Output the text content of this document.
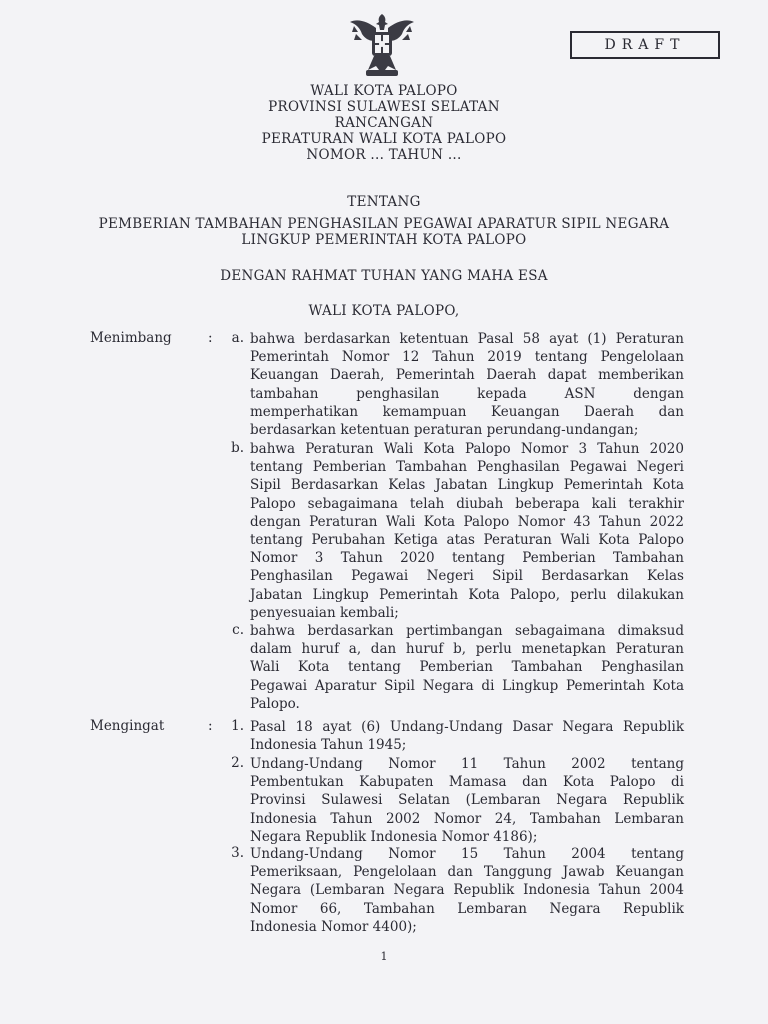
DRAFT
WALI KOTA PALOPO
PROVINSI SULAWESI SELATAN
RANCANGAN
PERATURAN WALI KOTA PALOPO
NOMOR ... TAHUN ...
TENTANG
PEMBERIAN TAMBAHAN PENGHASILAN PEGAWAI APARATUR SIPIL NEGARA
LINGKUP PEMERINTAH KOTA PALOPO
DENGAN RAHMAT TUHAN YANG MAHA ESA
WALI KOTA PALOPO,
Menimbang	:	a. bahwa berdasarkan ketentuan Pasal 58 ayat (1) Peraturan
Pemerintah Nomor 12 Tahun 2019 tentang Pengelolaan
Keuangan Daerah, Pemerintah Daerah dapat memberikan
tambahan penghasilan kepada ASN dengan
memperhatikan kemampuan Keuangan Daerah dan
berdasarkan ketentuan peraturan perundang-undangan;
b. bahwa Peraturan Wali Kota Palopo Nomor 3 Tahun 2020
tentang Pemberian Tambahan Penghasilan Pegawai Negeri
Sipil Berdasarkan Kelas Jabatan Lingkup Pemerintah Kota
Palopo sebagaimana telah diubah beberapa kali terakhir
dengan Peraturan Wali Kota Palopo Nomor 43 Tahun 2022
tentang Perubahan Ketiga atas Peraturan Wali Kota Palopo
Nomor 3 Tahun 2020 tentang Pemberian Tambahan
Penghasilan Pegawai Negeri Sipil Berdasarkan Kelas
Jabatan Lingkup Pemerintah Kota Palopo, perlu dilakukan
penyesuaian kembali;
c. bahwa berdasarkan pertimbangan sebagaimana dimaksud
dalam huruf a, dan huruf b, perlu menetapkan Peraturan
Wali Kota tentang Pemberian Tambahan Penghasilan
Pegawai Aparatur Sipil Negara di Lingkup Pemerintah Kota
Palopo.
Mengingat	:	1. Pasal 18 ayat (6) Undang-Undang Dasar Negara Republik
Indonesia Tahun 1945;
2. Undang-Undang Nomor 11 Tahun 2002 tentang
Pembentukan Kabupaten Mamasa dan Kota Palopo di
Provinsi Sulawesi Selatan (Lembaran Negara Republik
Indonesia Tahun 2002 Nomor 24, Tambahan Lembaran
Negara Republik Indonesia Nomor 4186);
3. Undang-Undang Nomor 15 Tahun 2004 tentang
Pemeriksaan, Pengelolaan dan Tanggung Jawab Keuangan
Negara (Lembaran Negara Republik Indonesia Tahun 2004
Nomor 66, Tambahan Lembaran Negara Republik
Indonesia Nomor 4400);
1
